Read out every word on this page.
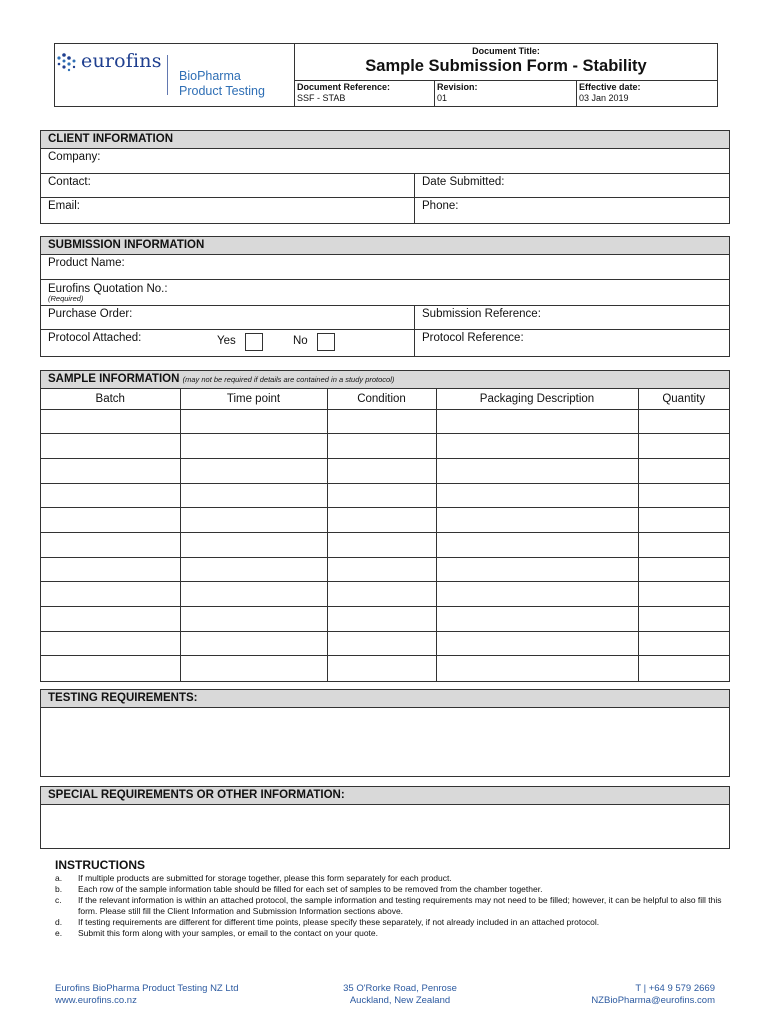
eurofins
BioPharma
Product Testing
Document Title:
Sample Submission Form - Stability
Document Reference:
SSF - STAB
Revision:
01
Effective date:
03 Jan 2019
CLIENT INFORMATION
Company:
Contact:	Date Submitted:
Email:	Phone:
SUBMISSION INFORMATION
Product Name:
Eurofins Quotation No.:
(Required)
Purchase Order:	Submission Reference:
Protocol Attached:	Yes	No	Protocol Reference:
SAMPLE INFORMATION (may not be required if details are contained in a study protocol)
Batch	Time point	Condition	Packaging Description	Quantity

TESTING REQUIREMENTS:
SPECIAL REQUIREMENTS OR OTHER INFORMATION:
INSTRUCTIONS
a.	If multiple products are submitted for storage together, please this form separately for each product.
b.	Each row of the sample information table should be filled for each set of samples to be removed from the chamber together.
c.	If the relevant information is within an attached protocol, the sample information and testing requirements may not need to be filled; however, it can be helpful to also fill this form. Please still fill the Client Information and Submission Information sections above.
d.	If testing requirements are different for different time points, please specify these separately, if not already included in an attached protocol.
e.	Submit this form along with your samples, or email to the contact on your quote.
Eurofins BioPharma Product Testing NZ Ltd
www.eurofins.co.nz
35 O'Rorke Road, Penrose
Auckland, New Zealand
T | +64 9 579 2669
NZBioPharma@eurofins.com
